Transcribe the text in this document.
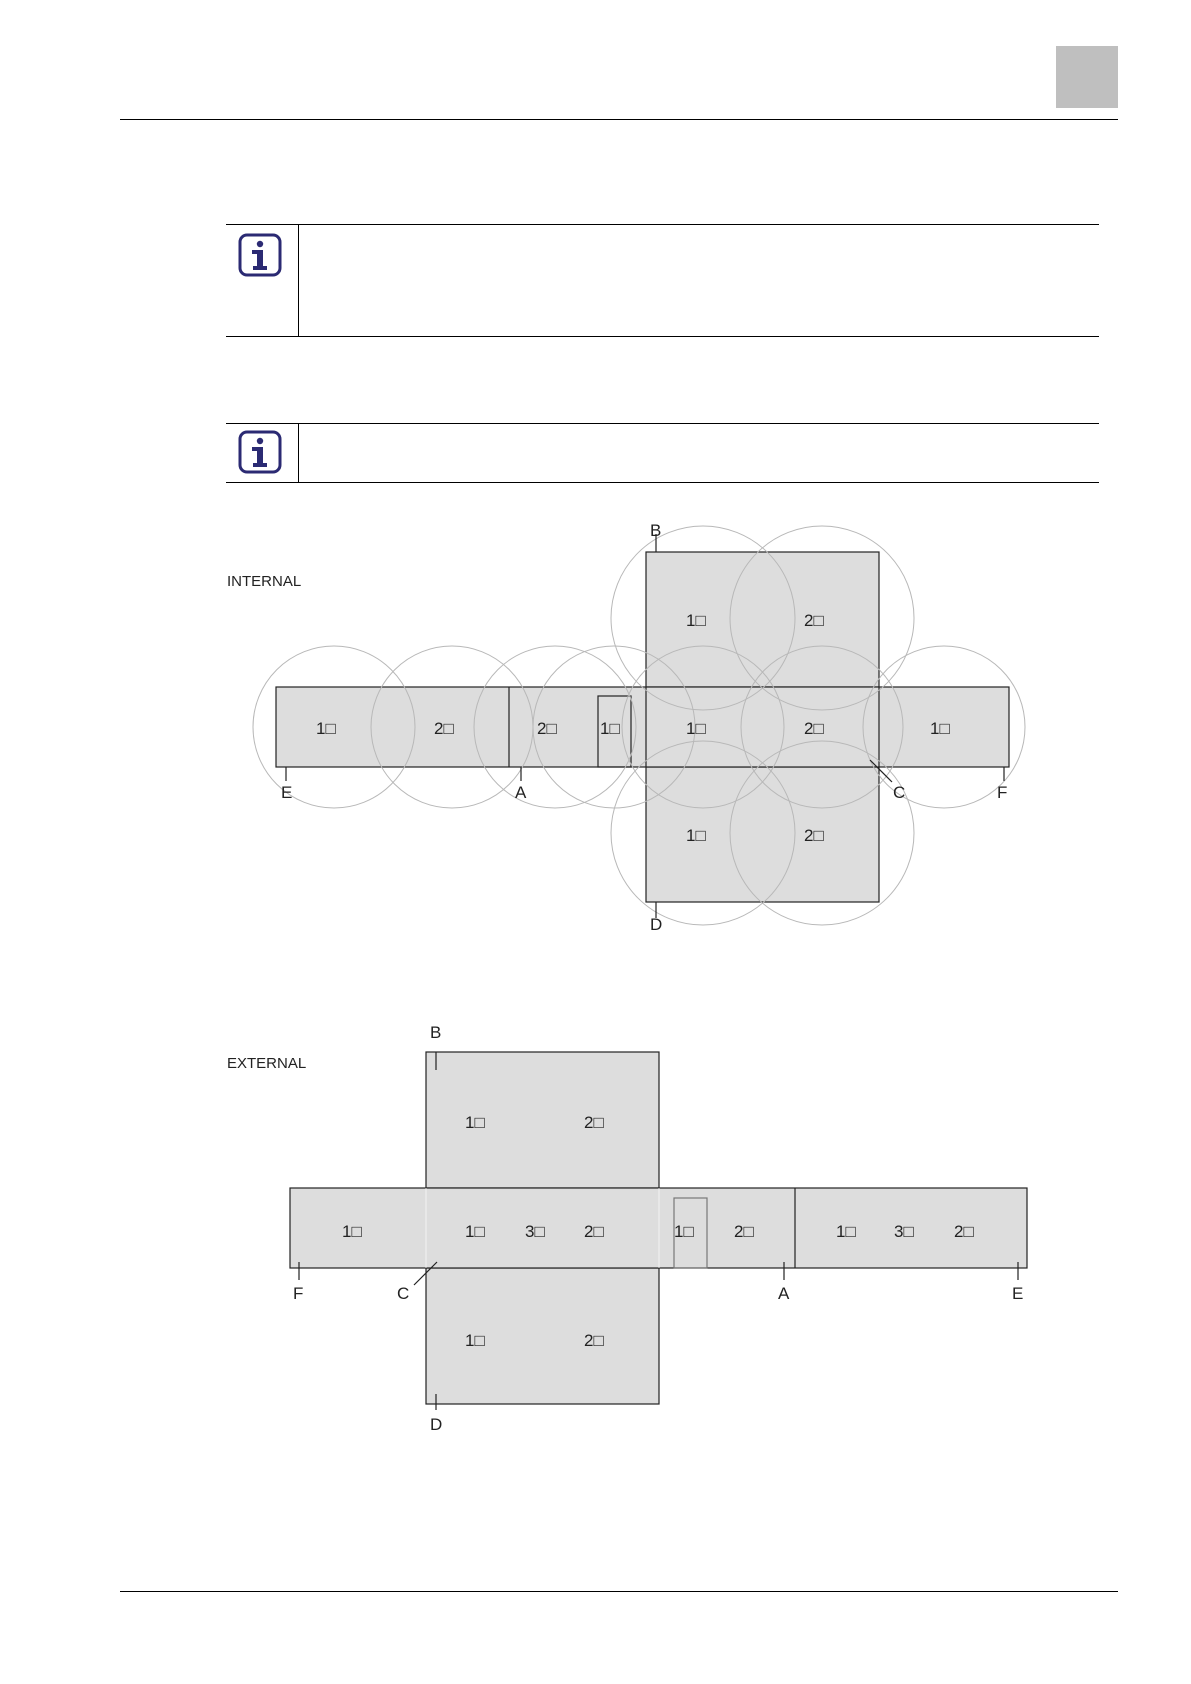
INTERNAL
1□	2□	2□	1□	1□	2□	1□
1□	2□
1□	2□
B
D
E	A	C	F
EXTERNAL
1□	2□
1□	1□ 3□ 2□	1□ 2□	1□ 3□ 2□
1□	2□
B
D
F	C	A	E
